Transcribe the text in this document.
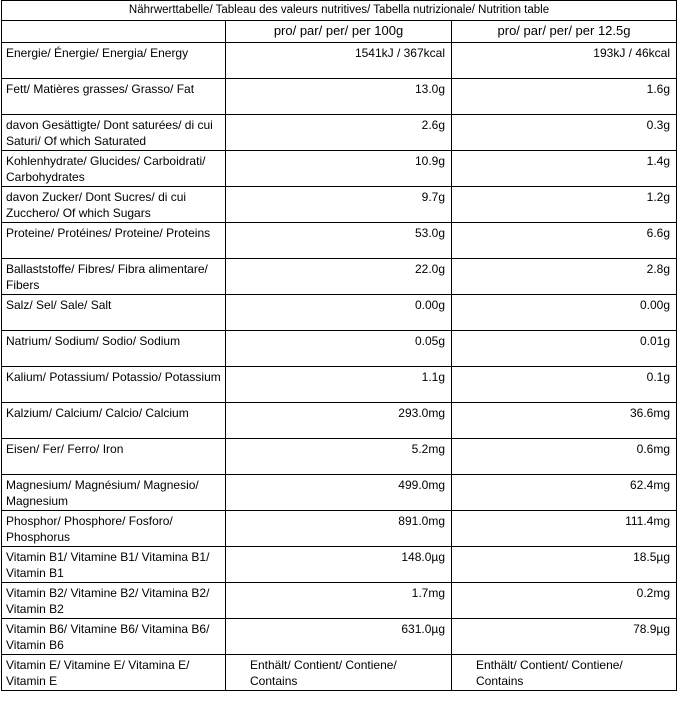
Nährwerttabelle/ Tableau des valeurs nutritives/ Tabella nutrizionale/ Nutrition table		
	pro/ par/ per/ per 100g	pro/ par/ per/ per 12.5g
Energie/ Énergie/ Energia/ Energy	1541kJ / 367kcal	193kJ / 46kcal
Fett/ Matières grasses/ Grasso/ Fat	13.0g	1.6g
davon Gesättigte/ Dont saturées/ di cui Saturi/ Of which Saturated	2.6g	0.3g
Kohlenhydrate/ Glucides/ Carboidrati/ Carbohydrates	10.9g	1.4g
davon Zucker/ Dont Sucres/ di cui Zucchero/ Of which Sugars	9.7g	1.2g
Proteine/ Protéines/ Proteine/ Proteins	53.0g	6.6g
Ballaststoffe/ Fibres/ Fibra alimentare/ Fibers	22.0g	2.8g
Salz/ Sel/ Sale/ Salt	0.00g	0.00g
Natrium/ Sodium/ Sodio/ Sodium	0.05g	0.01g
Kalium/ Potassium/ Potassio/ Potassium	1.1g	0.1g
Kalzium/ Calcium/ Calcio/ Calcium	293.0mg	36.6mg
Eisen/ Fer/ Ferro/ Iron	5.2mg	0.6mg
Magnesium/ Magnésium/ Magnesio/ Magnesium	499.0mg	62.4mg
Phosphor/ Phosphore/ Fosforo/ Phosphorus	891.0mg	111.4mg
Vitamin B1/ Vitamine B1/ Vitamina B1/ Vitamin B1	148.0µg	18.5µg
Vitamin B2/ Vitamine B2/ Vitamina B2/ Vitamin B2	1.7mg	0.2mg
Vitamin B6/ Vitamine B6/ Vitamina B6/ Vitamin B6	631.0µg	78.9µg
Vitamin E/ Vitamine E/ Vitamina E/ Vitamin E	Enthält/ Contient/ Contiene/ Contains	Enthält/ Contient/ Contiene/ Contains
